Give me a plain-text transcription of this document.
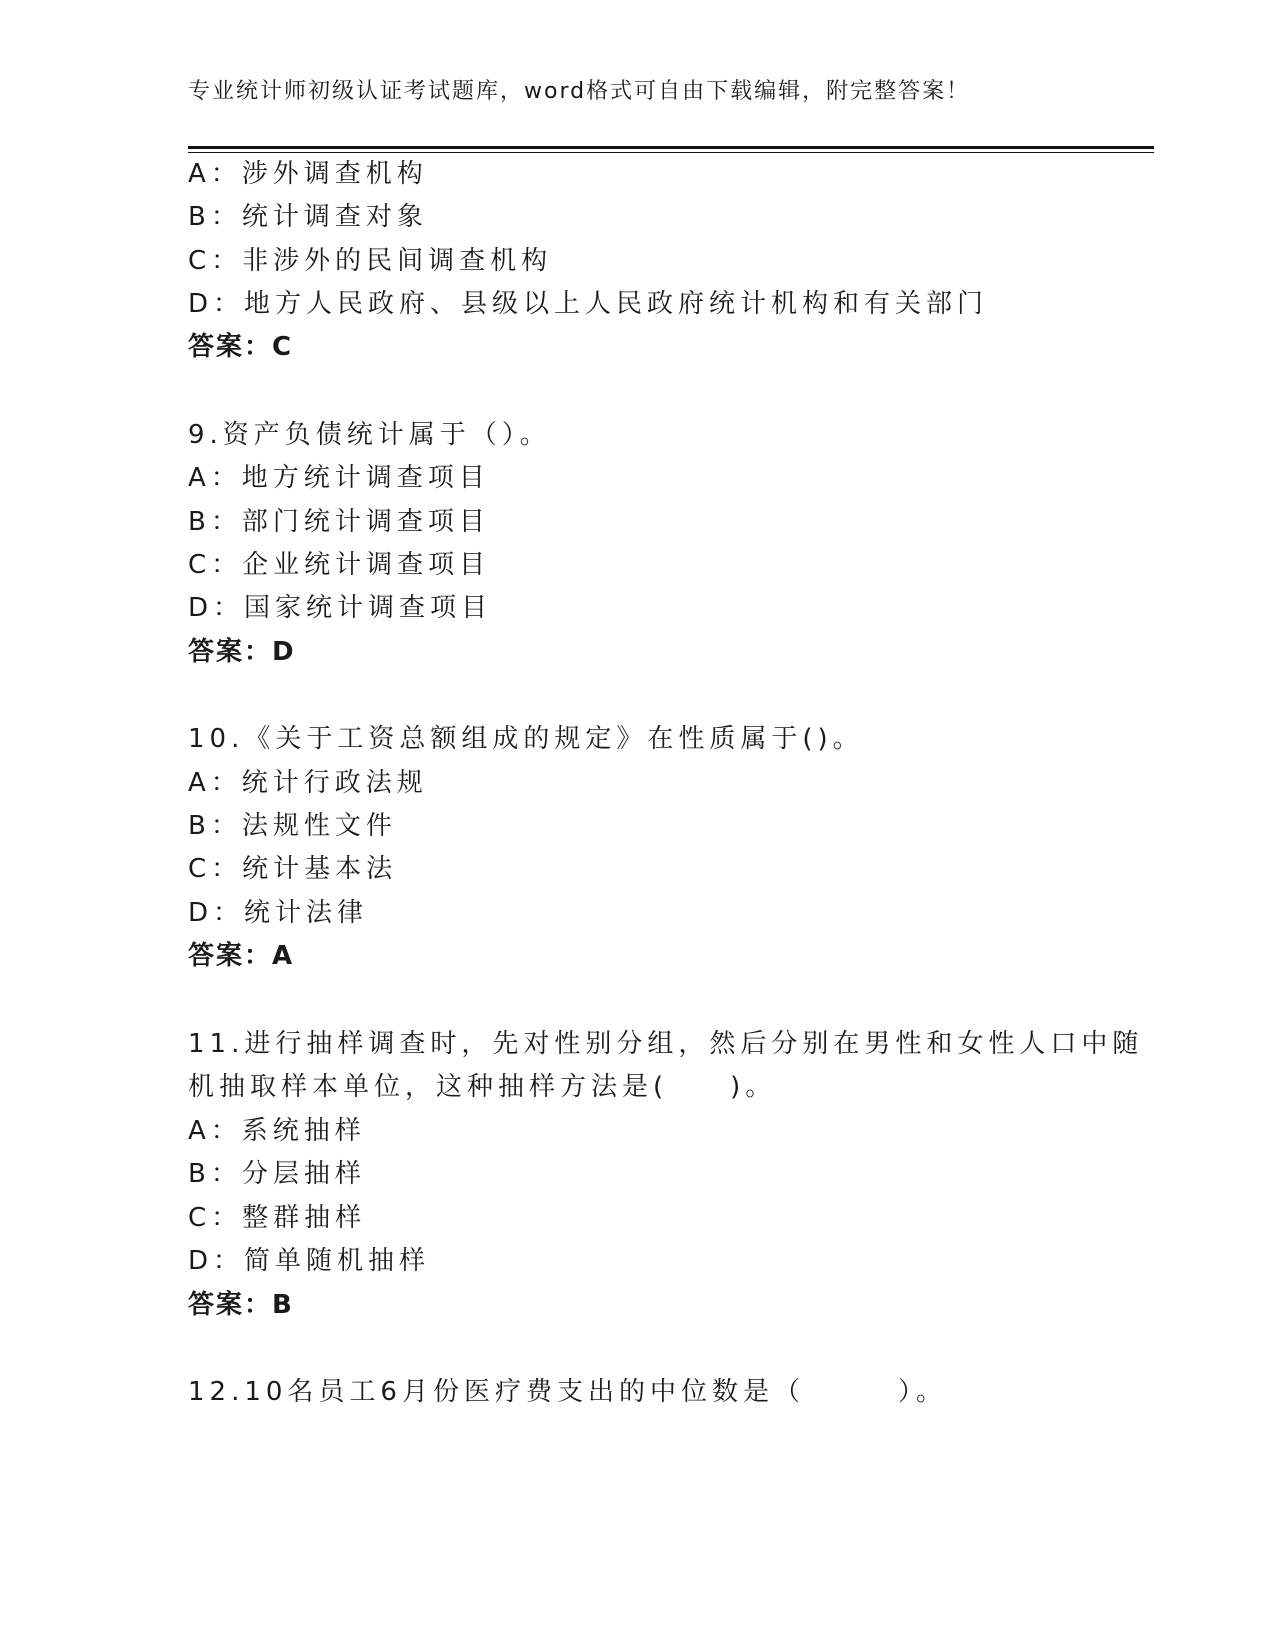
专业统计师初级认证考试题库，word格式可自由下载编辑，附完整答案！
A：涉外调查机构
B：统计调查对象
C：非涉外的民间调查机构
D：地方人民政府、县级以上人民政府统计机构和有关部门
答案：C
9.资产负债统计属于（）。
A：地方统计调查项目
B：部门统计调查项目
C：企业统计调查项目
D：国家统计调查项目
答案：D
10.《关于工资总额组成的规定》在性质属于()。
A：统计行政法规
B：法规性文件
C：统计基本法
D：统计法律
答案：A
11.进行抽样调查时，先对性别分组，然后分别在男性和女性人口中随
机抽取样本单位，这种抽样方法是(　　)。
A：系统抽样
B：分层抽样
C：整群抽样
D：简单随机抽样
答案：B
12.10名员工6月份医疗费支出的中位数是（　　　）。
